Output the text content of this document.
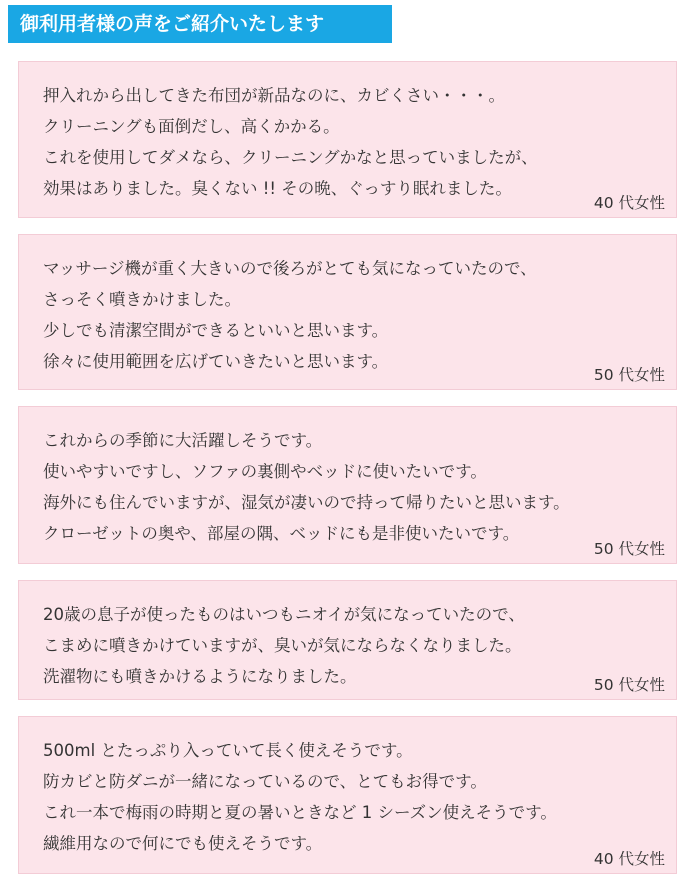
御利用者様の声をご紹介いたします
押入れから出してきた布団が新品なのに、カビくさい・・・。
クリーニングも面倒だし、高くかかる。
これを使用してダメなら、クリーニングかなと思っていましたが、
効果はありました。臭くない !! その晩、ぐっすり眠れました。
40 代女性
マッサージ機が重く大きいので後ろがとても気になっていたので、
さっそく噴きかけました。
少しでも清潔空間ができるといいと思います。
徐々に使用範囲を広げていきたいと思います。
50 代女性
これからの季節に大活躍しそうです。
使いやすいですし、ソファの裏側やベッドに使いたいです。
海外にも住んでいますが、湿気が凄いので持って帰りたいと思います。
クローゼットの奥や、部屋の隅、ベッドにも是非使いたいです。
50 代女性
20歳の息子が使ったものはいつもニオイが気になっていたので、
こまめに噴きかけていますが、臭いが気にならなくなりました。
洗濯物にも噴きかけるようになりました。	50 代女性
500ml とたっぷり入っていて長く使えそうです。
防カビと防ダニが一緒になっているので、とてもお得です。
これ一本で梅雨の時期と夏の暑いときなど 1 シーズン使えそうです。
繊維用なので何にでも使えそうです。
40 代女性
